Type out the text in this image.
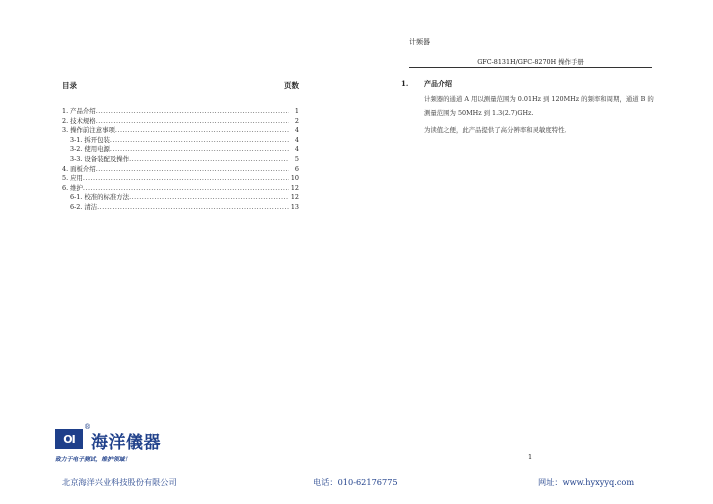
目录	页数
1. 产品介绍 .....	1
2. 技术规格 .....	2
3. 操作前注意事项 .....	4
3-1. 拆开包装 .....	4
3-2. 使用电源 .....	4
3-3. 设备装配及操作 .....	5
4. 面板介绍 .....	6
5. 应用 .....	10
6. 维护 .....	12
6-1. 校准的标准方法 .....	12
6-2. 清洁 .....	13
OI
®
海洋儀器
致力于电子测试，维护领域！
计频器
GFC-8131H/GFC-8270H 操作手册
1. 产品介绍
计频器的通道 A 用以测量范围为 0.01Hz 到 120MHz 的频率和周期，通道 B 的测量范围为 50MHz 到 1.3(2.7)GHz.
为读值之便，此产品提供了高分辨率和灵敏度特性．
1
北京海洋兴业科技股份有限公司	电话：010-62176775	网址：www.hyxyyq.com
